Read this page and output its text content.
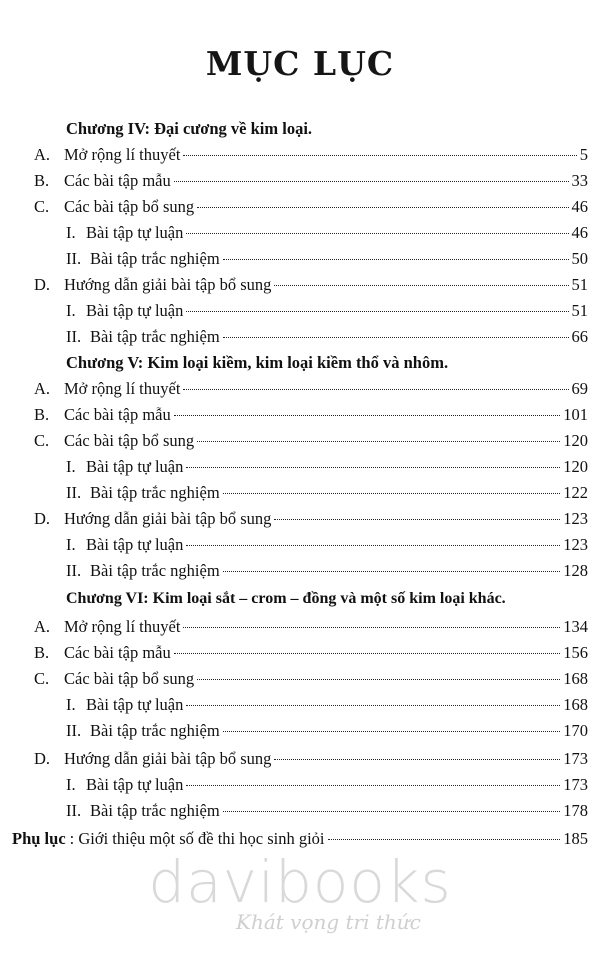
MỤC LỤC
Chương IV: Đại cương về kim loại.
A. Mở rộng lí thuyết	5
B. Các bài tập mẫu	33
C. Các bài tập bổ sung	46
I. Bài tập tự luận	46
II. Bài tập trắc nghiệm	50
D. Hướng dẫn giải bài tập bổ sung	51
I. Bài tập tự luận	51
II. Bài tập trắc nghiệm	66
Chương V: Kim loại kiềm, kim loại kiềm thổ và nhôm.
A. Mở rộng lí thuyết	69
B. Các bài tập mẫu	101
C. Các bài tập bổ sung	120
I. Bài tập tự luận	120
II. Bài tập trắc nghiệm	122
D. Hướng dẫn giải bài tập bổ sung	123
I. Bài tập tự luận	123
II. Bài tập trắc nghiệm	128
Chương VI: Kim loại sắt – crom – đồng và một số kim loại khác.
A. Mở rộng lí thuyết	134
B. Các bài tập mẫu	156
C. Các bài tập bổ sung	168
I. Bài tập tự luận	168
II. Bài tập trắc nghiệm	170
D. Hướng dẫn giải bài tập bổ sung	173
I. Bài tập tự luận	173
II. Bài tập trắc nghiệm	178
Phụ lục : Giới thiệu một số đề thi học sinh giỏi	185
davibooks
Khát vọng tri thức
